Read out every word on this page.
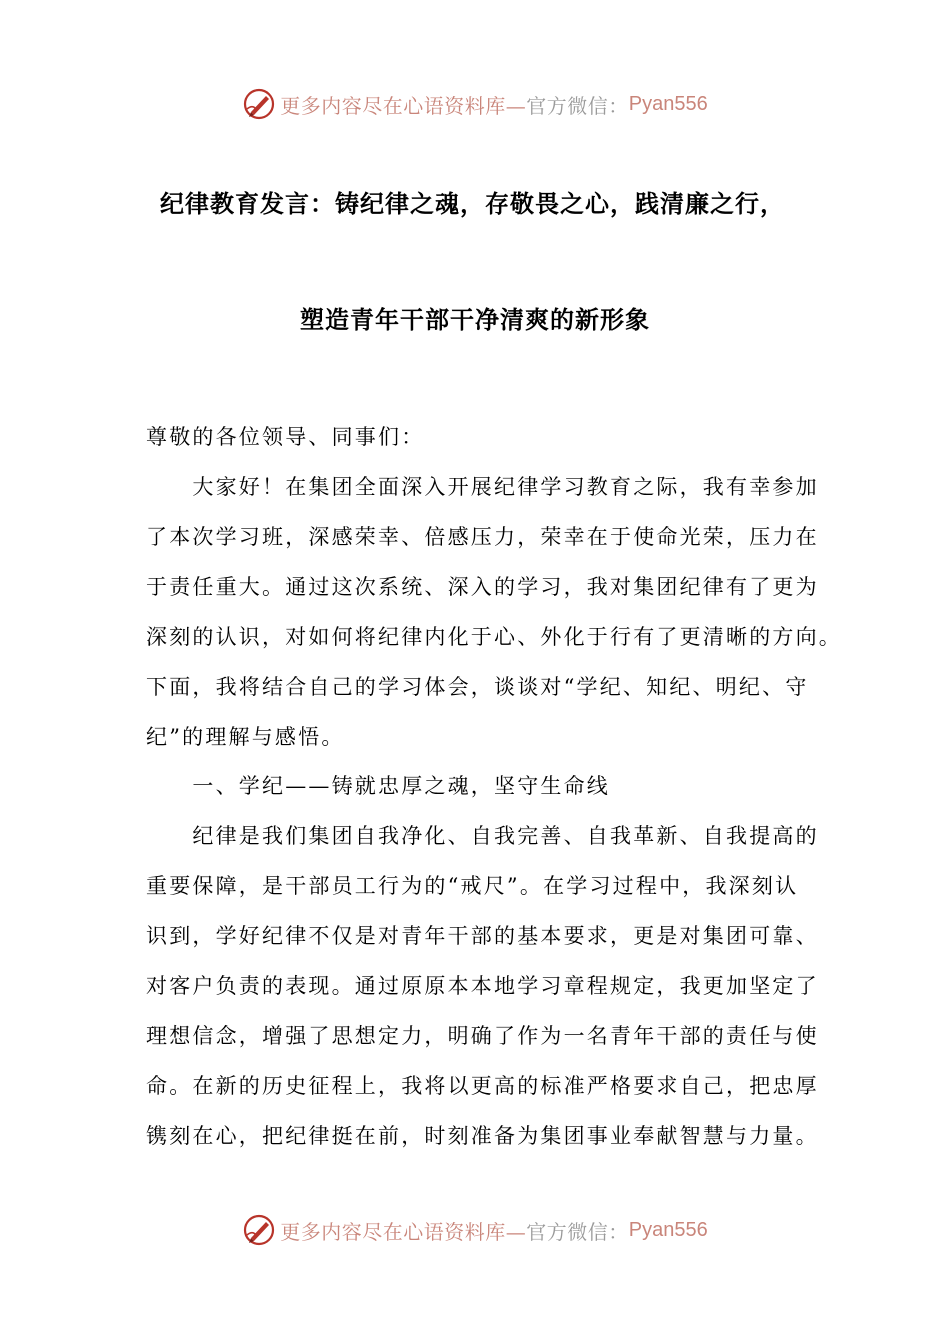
更多内容尽在心语资料库—官方微信： Pyan556
纪律教育发言：铸纪律之魂，存敬畏之心，践清廉之行，
塑造青年干部干净清爽的新形象
尊敬的各位领导、同事们：
　　大家好！在集团全面深入开展纪律学习教育之际，我有幸参加
了本次学习班，深感荣幸、倍感压力，荣幸在于使命光荣，压力在
于责任重大。通过这次系统、深入的学习，我对集团纪律有了更为
深刻的认识，对如何将纪律内化于心、外化于行有了更清晰的方向。
下面，我将结合自己的学习体会，谈谈对“学纪、知纪、明纪、守
纪”的理解与感悟。
　　一、学纪——铸就忠厚之魂，坚守生命线
　　纪律是我们集团自我净化、自我完善、自我革新、自我提高的
重要保障，是干部员工行为的“戒尺”。在学习过程中，我深刻认
识到，学好纪律不仅是对青年干部的基本要求，更是对集团可靠、
对客户负责的表现。通过原原本本地学习章程规定，我更加坚定了
理想信念，增强了思想定力，明确了作为一名青年干部的责任与使
命。在新的历史征程上，我将以更高的标准严格要求自己，把忠厚
镌刻在心，把纪律挺在前，时刻准备为集团事业奉献智慧与力量。
更多内容尽在心语资料库—官方微信： Pyan556
